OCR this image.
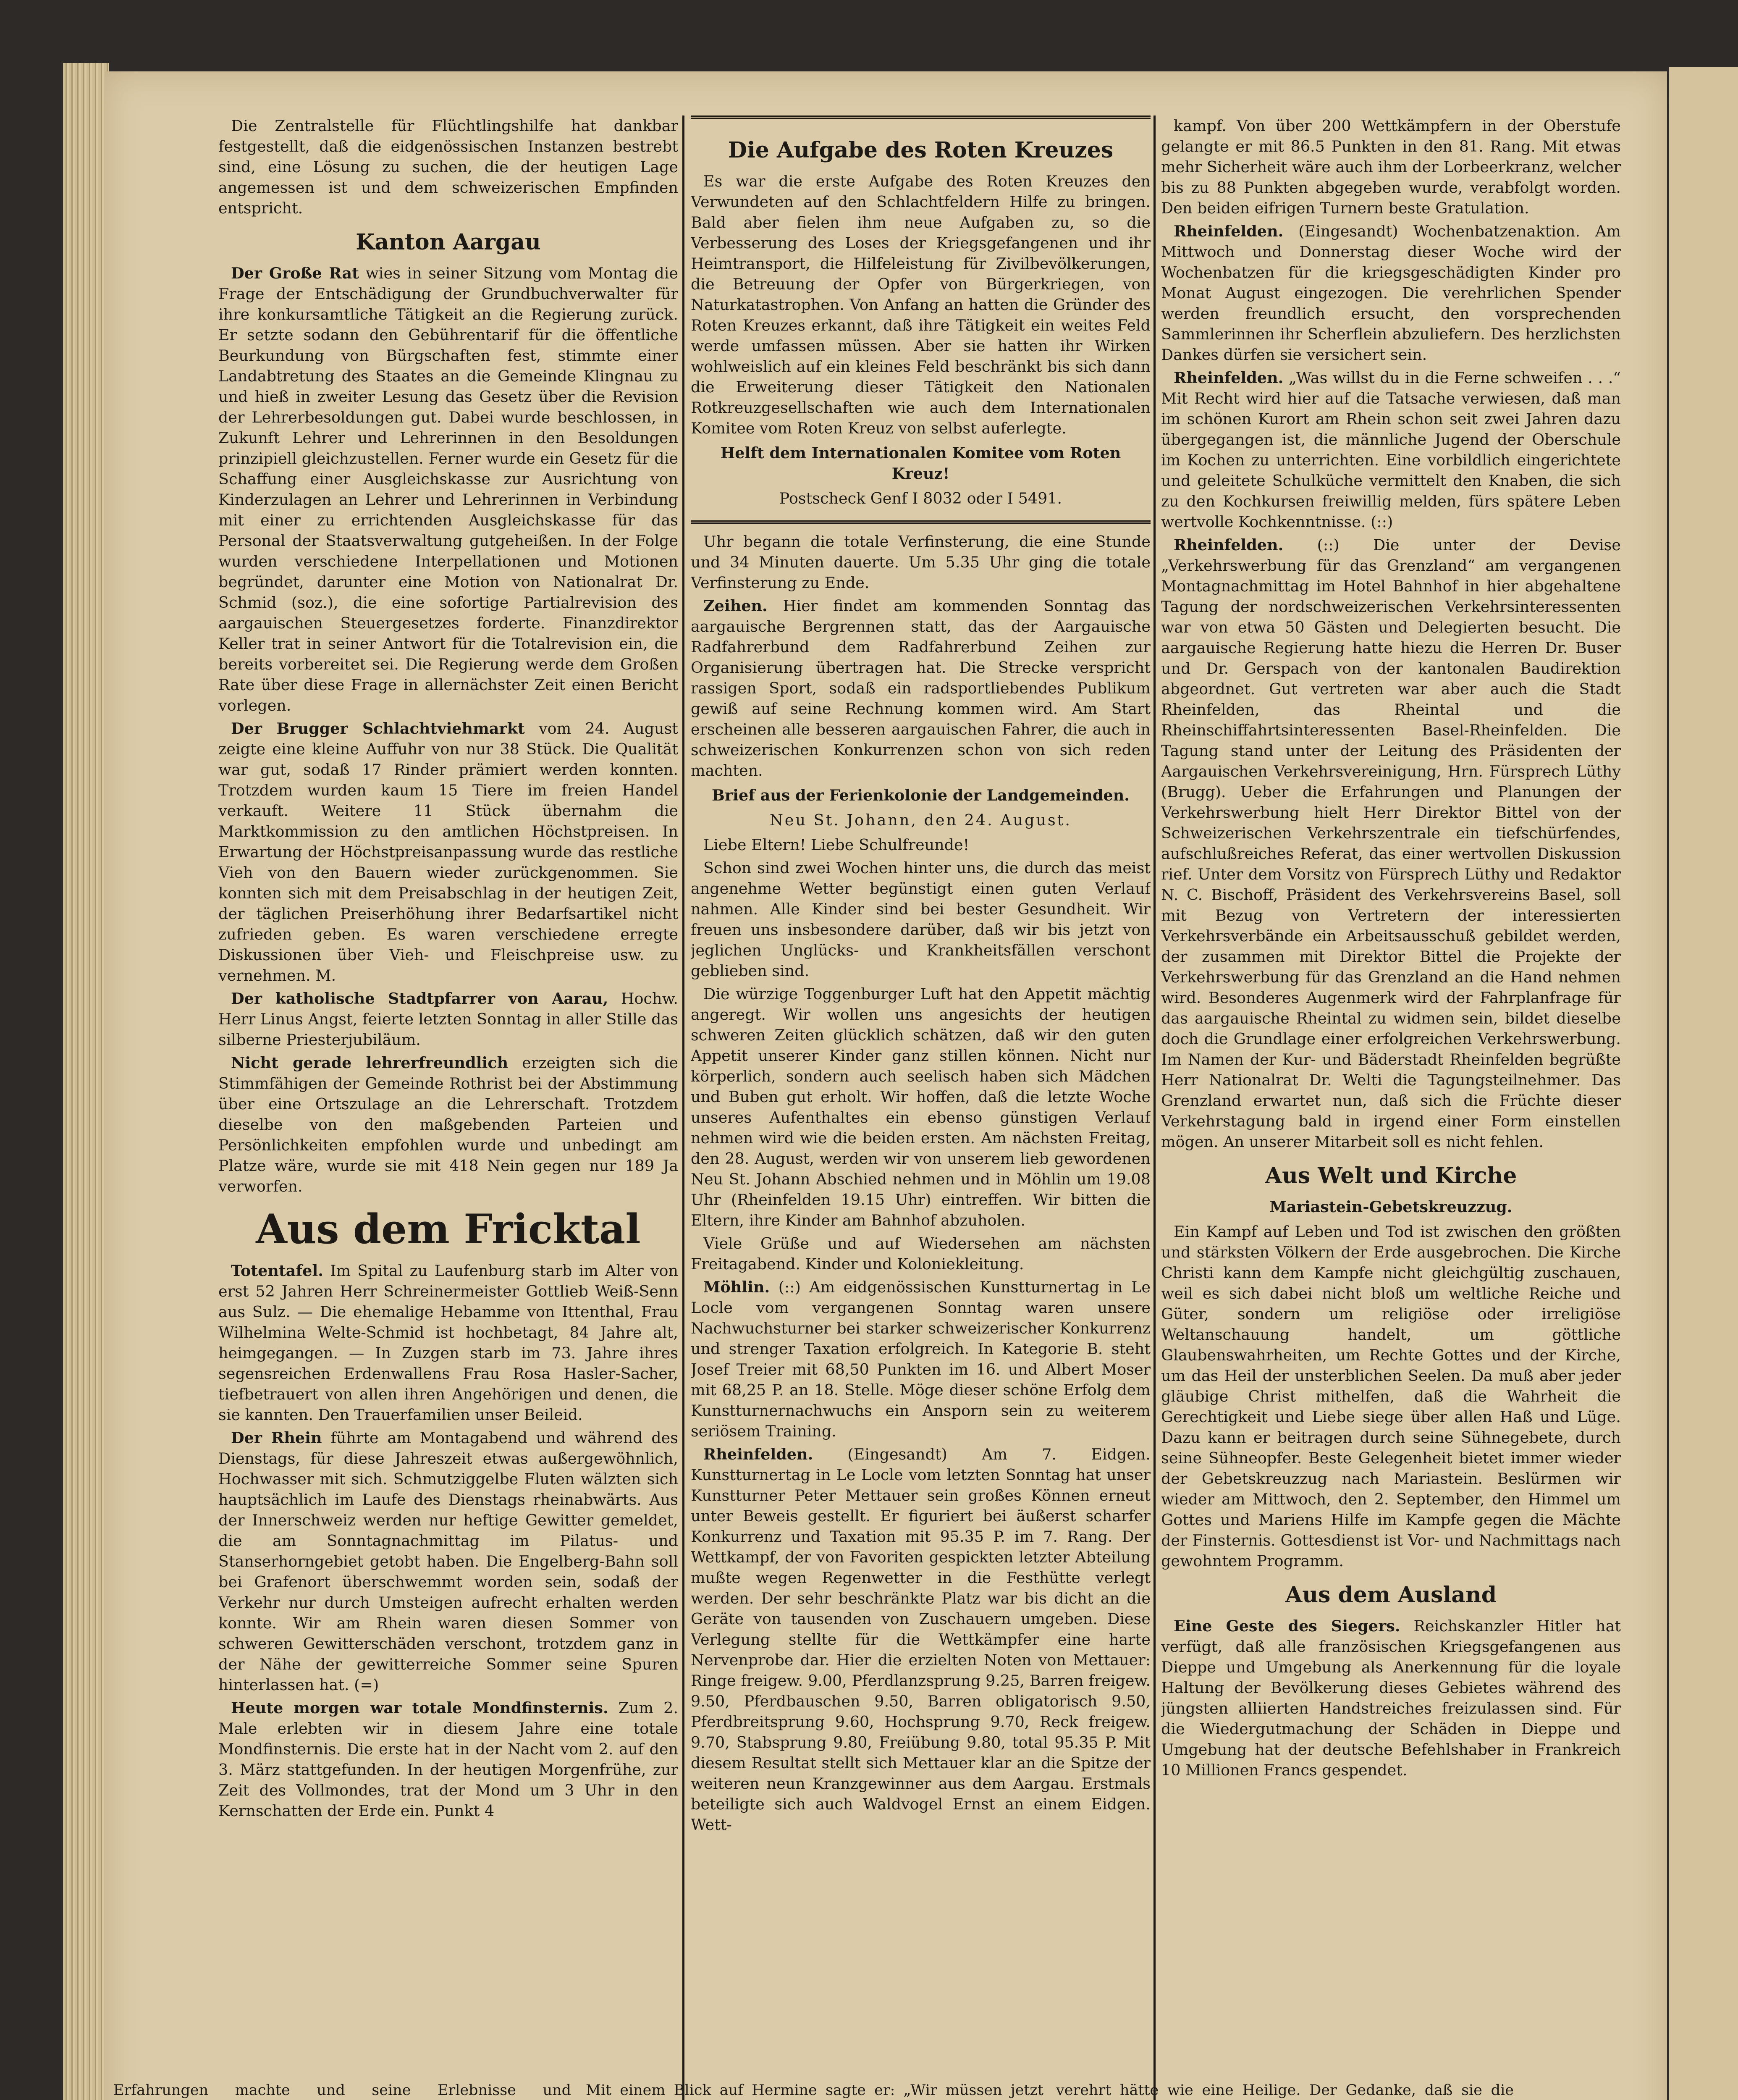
Die Zentralstelle für Flüchtlingshilfe hat dankbar festgestellt, daß die eidgenössischen Instanzen bestrebt sind, eine Lösung zu suchen, die der heutigen Lage angemessen ist und dem schweizerischen Empfinden entspricht.

Kanton Aargau

Der Große Rat wies in seiner Sitzung vom Montag die Frage der Entschädigung der Grundbuchverwalter für ihre konkursamtliche Tätigkeit an die Regierung zurück. Er setzte sodann den Gebührentarif für die öffentliche Beurkundung von Bürgschaften fest, stimmte einer Landabtretung des Staates an die Gemeinde Klingnau zu und hieß in zweiter Lesung das Gesetz über die Revision der Lehrerbesoldungen gut. Dabei wurde beschlossen, in Zukunft Lehrer und Lehrerinnen in den Besoldungen prinzipiell gleichzustellen. Ferner wurde ein Gesetz für die Schaffung einer Ausgleichskasse zur Ausrichtung von Kinderzulagen an Lehrer und Lehrerinnen in Verbindung mit einer zu errichtenden Ausgleichskasse für das Personal der Staatsverwaltung gutgeheißen. In der Folge wurden verschiedene Interpellationen und Motionen begründet, darunter eine Motion von Nationalrat Dr. Schmid (soz.), die eine sofortige Partialrevision des aargauischen Steuergesetzes forderte. Finanzdirektor Keller trat in seiner Antwort für die Totalrevision ein, die bereits vorbereitet sei. Die Regierung werde dem Großen Rate über diese Frage in allernächster Zeit einen Bericht vorlegen.

Der Brugger Schlachtviehmarkt vom 24. August zeigte eine kleine Auffuhr von nur 38 Stück. Die Qualität war gut, sodaß 17 Rinder prämiert werden konnten. Trotzdem wurden kaum 15 Tiere im freien Handel verkauft. Weitere 11 Stück übernahm die Marktkommission zu den amtlichen Höchstpreisen. In Erwartung der Höchstpreisanpassung wurde das restliche Vieh von den Bauern wieder zurückgenommen. Sie konnten sich mit dem Preisabschlag in der heutigen Zeit, der täglichen Preiserhöhung ihrer Bedarfsartikel nicht zufrieden geben. Es waren verschiedene erregte Diskussionen über Vieh- und Fleischpreise usw. zu vernehmen. M.

Der katholische Stadtpfarrer von Aarau, Hochw. Herr Linus Angst, feierte letzten Sonntag in aller Stille das silberne Priesterjubiläum.

Nicht gerade lehrerfreundlich erzeigten sich die Stimmfähigen der Gemeinde Rothrist bei der Abstimmung über eine Ortszulage an die Lehrerschaft. Trotzdem dieselbe von den maßgebenden Parteien und Persönlichkeiten empfohlen wurde und unbedingt am Platze wäre, wurde sie mit 418 Nein gegen nur 189 Ja verworfen.

Aus dem Fricktal

Totentafel. Im Spital zu Laufenburg starb im Alter von erst 52 Jahren Herr Schreinermeister Gottlieb Weiß-Senn aus Sulz. — Die ehemalige Hebamme von Ittenthal, Frau Wilhelmina Welte-Schmid ist hochbetagt, 84 Jahre alt, heimgegangen. — In Zuzgen starb im 73. Jahre ihres segensreichen Erdenwallens Frau Rosa Hasler-Sacher, tiefbetrauert von allen ihren Angehörigen und denen, die sie kannten. Den Trauerfamilien unser Beileid.

Der Rhein führte am Montagabend und während des Dienstags, für diese Jahreszeit etwas außergewöhnlich, Hochwasser mit sich. Schmutziggelbe Fluten wälzten sich hauptsächlich im Laufe des Dienstags rheinabwärts. Aus der Innerschweiz werden nur heftige Gewitter gemeldet, die am Sonntagnachmittag im Pilatus- und Stanserhorngebiet getobt haben. Die Engelberg-Bahn soll bei Grafenort überschwemmt worden sein, sodaß der Verkehr nur durch Umsteigen aufrecht erhalten werden konnte. Wir am Rhein waren diesen Sommer von schweren Gewitterschäden verschont, trotzdem ganz in der Nähe der gewitterreiche Sommer seine Spuren hinterlassen hat. (=)

Heute morgen war totale Mondfinsternis. Zum 2. Male erlebten wir in diesem Jahre eine totale Mondfinsternis. Die erste hat in der Nacht vom 2. auf den 3. März stattgefunden. In der heutigen Morgenfrühe, zur Zeit des Vollmondes, trat der Mond um 3 Uhr in den Kernschatten der Erde ein. Punkt 4

Die Aufgabe des Roten Kreuzes

Es war die erste Aufgabe des Roten Kreuzes den Verwundeten auf den Schlachtfeldern Hilfe zu bringen. Bald aber fielen ihm neue Aufgaben zu, so die Verbesserung des Loses der Kriegsgefangenen und ihr Heimtransport, die Hilfeleistung für Zivilbevölkerungen, die Betreuung der Opfer von Bürgerkriegen, von Naturkatastrophen. Von Anfang an hatten die Gründer des Roten Kreuzes erkannt, daß ihre Tätigkeit ein weites Feld werde umfassen müssen. Aber sie hatten ihr Wirken wohlweislich auf ein kleines Feld beschränkt bis sich dann die Erweiterung dieser Tätigkeit den Nationalen Rotkreuzgesellschaften wie auch dem Internationalen Komitee vom Roten Kreuz von selbst auferlegte.

Helft dem Internationalen Komitee vom Roten Kreuz!
Postscheck Genf I 8032 oder I 5491.

Uhr begann die totale Verfinsterung, die eine Stunde und 34 Minuten dauerte. Um 5.35 Uhr ging die totale Verfinsterung zu Ende.

Zeihen. Hier findet am kommenden Sonntag das aargauische Bergrennen statt, das der Aargauische Radfahrerbund dem Radfahrerbund Zeihen zur Organisierung übertragen hat. Die Strecke verspricht rassigen Sport, sodaß ein radsportliebendes Publikum gewiß auf seine Rechnung kommen wird. Am Start erscheinen alle besseren aargauischen Fahrer, die auch in schweizerischen Konkurrenzen schon von sich reden machten.

Brief aus der Ferienkolonie der Landgemeinden.
Neu St. Johann, den 24. August.

Liebe Eltern! Liebe Schulfreunde!

Schon sind zwei Wochen hinter uns, die durch das meist angenehme Wetter begünstigt einen guten Verlauf nahmen. Alle Kinder sind bei bester Gesundheit. Wir freuen uns insbesondere darüber, daß wir bis jetzt von jeglichen Unglücks- und Krankheitsfällen verschont geblieben sind.

Die würzige Toggenburger Luft hat den Appetit mächtig angeregt. Wir wollen uns angesichts der heutigen schweren Zeiten glücklich schätzen, daß wir den guten Appetit unserer Kinder ganz stillen können. Nicht nur körperlich, sondern auch seelisch haben sich Mädchen und Buben gut erholt. Wir hoffen, daß die letzte Woche unseres Aufenthaltes ein ebenso günstigen Verlauf nehmen wird wie die beiden ersten. Am nächsten Freitag, den 28. August, werden wir von unserem lieb gewordenen Neu St. Johann Abschied nehmen und in Möhlin um 19.08 Uhr (Rheinfelden 19.15 Uhr) eintreffen. Wir bitten die Eltern, ihre Kinder am Bahnhof abzuholen.

Viele Grüße und auf Wiedersehen am nächsten Freitagabend. Kinder und Koloniekleitung.

Möhlin. (::) Am eidgenössischen Kunstturnertag in Le Locle vom vergangenen Sonntag waren unsere Nachwuchsturner bei starker schweizerischer Konkurrenz und strenger Taxation erfolgreich. In Kategorie B. steht Josef Treier mit 68,50 Punkten im 16. und Albert Moser mit 68,25 P. an 18. Stelle. Möge dieser schöne Erfolg dem Kunstturnernachwuchs ein Ansporn sein zu weiterem seriösem Training.

Rheinfelden. (Eingesandt) Am 7. Eidgen. Kunstturnertag in Le Locle vom letzten Sonntag hat unser Kunstturner Peter Mettauer sein großes Können erneut unter Beweis gestellt. Er figuriert bei äußerst scharfer Konkurrenz und Taxation mit 95.35 P. im 7. Rang. Der Wettkampf, der von Favoriten gespickten letzter Abteilung mußte wegen Regenwetter in die Festhütte verlegt werden. Der sehr beschränkte Platz war bis dicht an die Geräte von tausenden von Zuschauern umgeben. Diese Verlegung stellte für die Wettkämpfer eine harte Nervenprobe dar. Hier die erzielten Noten von Mettauer: Ringe freigew. 9.00, Pferdlanzsprung 9.25, Barren freigew. 9.50, Pferdbauschen 9.50, Barren obligatorisch 9.50, Pferdbreitsprung 9.60, Hochsprung 9.70, Reck freigew. 9.70, Stabsprung 9.80, Freiübung 9.80, total 95.35 P. Mit diesem Resultat stellt sich Mettauer klar an die Spitze der weiteren neun Kranzgewinner aus dem Aargau. Erstmals beteiligte sich auch Waldvogel Ernst an einem Eidgen. Wett-

kampf. Von über 200 Wettkämpfern in der Oberstufe gelangte er mit 86.5 Punkten in den 81. Rang. Mit etwas mehr Sicherheit wäre auch ihm der Lorbeerkranz, welcher bis zu 88 Punkten abgegeben wurde, verabfolgt worden. Den beiden eifrigen Turnern beste Gratulation.

Rheinfelden. (Eingesandt) Wochenbatzenaktion. Am Mittwoch und Donnerstag dieser Woche wird der Wochenbatzen für die kriegsgeschädigten Kinder pro Monat August eingezogen. Die verehrlichen Spender werden freundlich ersucht, den vorsprechenden Sammlerinnen ihr Scherflein abzuliefern. Des herzlichsten Dankes dürfen sie versichert sein.

Rheinfelden. „Was willst du in die Ferne schweifen . . .“ Mit Recht wird hier auf die Tatsache verwiesen, daß man im schönen Kurort am Rhein schon seit zwei Jahren dazu übergegangen ist, die männliche Jugend der Oberschule im Kochen zu unterrichten. Eine vorbildlich eingerichtete und geleitete Schulküche vermittelt den Knaben, die sich zu den Kochkursen freiwillig melden, fürs spätere Leben wertvolle Kochkenntnisse. (::)

Rheinfelden. (::) Die unter der Devise „Verkehrswerbung für das Grenzland“ am vergangenen Montagnachmittag im Hotel Bahnhof in hier abgehaltene Tagung der nordschweizerischen Verkehrsinteressenten war von etwa 50 Gästen und Delegierten besucht. Die aargauische Regierung hatte hiezu die Herren Dr. Buser und Dr. Gerspach von der kantonalen Baudirektion abgeordnet. Gut vertreten war aber auch die Stadt Rheinfelden, das Rheintal und die Rheinschiffahrtsinteressenten Basel-Rheinfelden. Die Tagung stand unter der Leitung des Präsidenten der Aargauischen Verkehrsvereinigung, Hrn. Fürsprech Lüthy (Brugg). Ueber die Erfahrungen und Planungen der Verkehrswerbung hielt Herr Direktor Bittel von der Schweizerischen Verkehrszentrale ein tiefschürfendes, aufschlußreiches Referat, das einer wertvollen Diskussion rief. Unter dem Vorsitz von Fürsprech Lüthy und Redaktor N. C. Bischoff, Präsident des Verkehrsvereins Basel, soll mit Bezug von Vertretern der interessierten Verkehrsverbände ein Arbeitsausschuß gebildet werden, der zusammen mit Direktor Bittel die Projekte der Verkehrswerbung für das Grenzland an die Hand nehmen wird. Besonderes Augenmerk wird der Fahrplanfrage für das aargauische Rheintal zu widmen sein, bildet dieselbe doch die Grundlage einer erfolgreichen Verkehrswerbung. Im Namen der Kur- und Bäderstadt Rheinfelden begrüßte Herr Nationalrat Dr. Welti die Tagungsteilnehmer. Das Grenzland erwartet nun, daß sich die Früchte dieser Verkehrstagung bald in irgend einer Form einstellen mögen. An unserer Mitarbeit soll es nicht fehlen.

Aus Welt und Kirche
Mariastein-Gebetskreuzzug.

Ein Kampf auf Leben und Tod ist zwischen den größten und stärksten Völkern der Erde ausgebrochen. Die Kirche Christi kann dem Kampfe nicht gleichgültig zuschauen, weil es sich dabei nicht bloß um weltliche Reiche und Güter, sondern um religiöse oder irreligiöse Weltanschauung handelt, um göttliche Glaubenswahrheiten, um Rechte Gottes und der Kirche, um das Heil der unsterblichen Seelen. Da muß aber jeder gläubige Christ mithelfen, daß die Wahrheit die Gerechtigkeit und Liebe siege über allen Haß und Lüge. Dazu kann er beitragen durch seine Sühnegebete, durch seine Sühneopfer. Beste Gelegenheit bietet immer wieder der Gebetskreuzzug nach Mariastein. Beslürmen wir wieder am Mittwoch, den 2. September, den Himmel um Gottes und Mariens Hilfe im Kampfe gegen die Mächte der Finsternis. Gottesdienst ist Vor- und Nachmittags nach gewohntem Programm.

Aus dem Ausland

Eine Geste des Siegers. Reichskanzler Hitler hat verfügt, daß alle französischen Kriegsgefangenen aus Dieppe und Umgebung als Anerkennung für die loyale Haltung der Bevölkerung dieses Gebietes während des jüngsten alliierten Handstreiches freizulassen sind. Für die Wiedergutmachung der Schäden in Dieppe und Umgebung hat der deutsche Befehlshaber in Frankreich 10 Millionen Francs gespendet.

Erfahrungen machte und seine Erlebnisse und Mit einem Blick auf Hermine sagte er: „Wir müssen jetzt verehrt hätte wie eine Heilige. Der Gedanke, daß sie die
